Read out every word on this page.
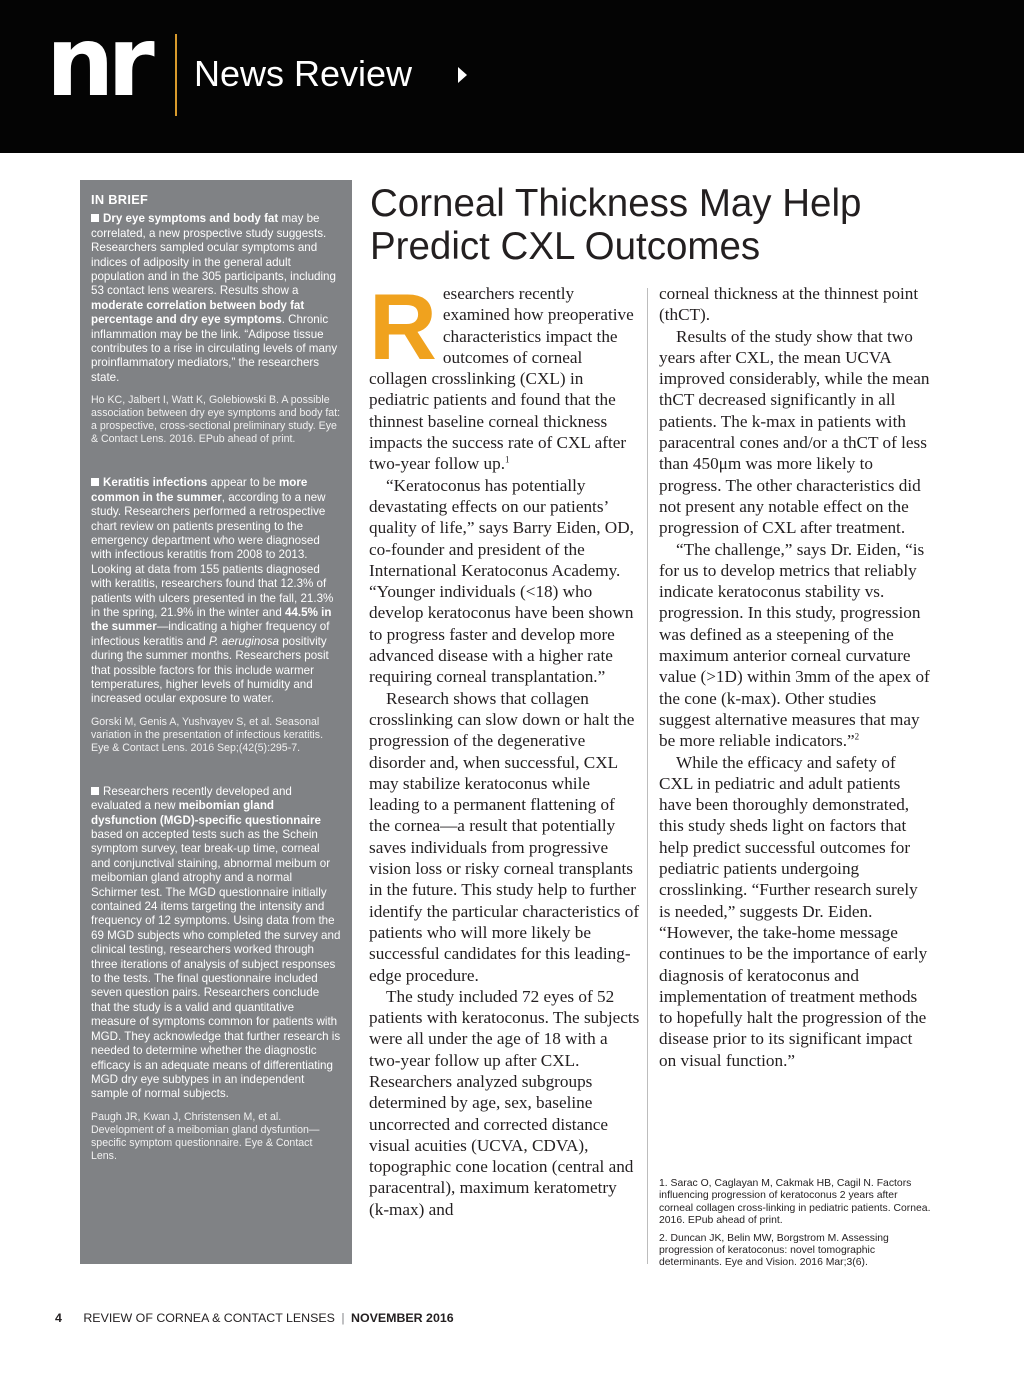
nr News Review
IN BRIEF

Dry eye symptoms and body fat may be correlated, a new prospective study suggests. Researchers sampled ocular symptoms and indices of adiposity in the general adult population and in the 305 participants, including 53 contact lens wearers. Results show a moderate correlation between body fat percentage and dry eye symptoms. Chronic inflammation may be the link. “Adipose tissue contributes to a rise in circulating levels of many proinflammatory mediators,” the researchers state.

Ho KC, Jalbert I, Watt K, Golebiowski B. A possible association between dry eye symptoms and body fat: a prospective, cross-sectional preliminary study. Eye & Contact Lens. 2016. EPub ahead of print.

Keratitis infections appear to be more common in the summer, according to a new study. Researchers performed a retrospective chart review on patients presenting to the emergency department who were diagnosed with infectious keratitis from 2008 to 2013. Looking at data from 155 patients diagnosed with keratitis, researchers found that 12.3% of patients with ulcers presented in the fall, 21.3% in the spring, 21.9% in the winter and 44.5% in the summer—indicating a higher frequency of infectious keratitis and P. aeruginosa positivity during the summer months. Researchers posit that possible factors for this include warmer temperatures, higher levels of humidity and increased ocular exposure to water.

Gorski M, Genis A, Yushvayev S, et al. Seasonal variation in the presentation of infectious keratitis. Eye & Contact Lens. 2016 Sep;(42(5):295-7.

Researchers recently developed and evaluated a new meibomian gland dysfunction (MGD)-specific questionnaire based on accepted tests such as the Schein symptom survey, tear break-up time, corneal and conjunctival staining, abnormal meibum or meibomian gland atrophy and a normal Schirmer test. The MGD questionnaire initially contained 24 items targeting the intensity and frequency of 12 symptoms. Using data from the 69 MGD subjects who completed the survey and clinical testing, researchers worked through three iterations of analysis of subject responses to the tests. The final questionnaire included seven question pairs. Researchers conclude that the study is a valid and quantitative measure of symptoms common for patients with MGD. They acknowledge that further research is needed to determine whether the diagnostic efficacy is an adequate means of differentiating MGD dry eye subtypes in an independent sample of normal subjects.

Paugh JR, Kwan J, Christensen M, et al. Development of a meibomian gland dysfuntion—specific symptom questionnaire. Eye & Contact Lens.
Corneal Thickness May Help Predict CXL Outcomes

Researchers recently examined how preoperative characteristics impact the outcomes of corneal collagen crosslinking (CXL) in pediatric patients and found that the thinnest baseline corneal thickness impacts the success rate of CXL after two-year follow up.$^1$

“Keratoconus has potentially devastating effects on our patients’ quality of life,” says Barry Eiden, OD, co-founder and president of the International Keratoconus Academy. “Younger individuals (<18) who develop keratoconus have been shown to progress faster and develop more advanced disease with a higher rate requiring corneal transplantation.”

Research shows that collagen crosslinking can slow down or halt the progression of the degenerative disorder and, when successful, CXL may stabilize keratoconus while leading to a permanent flattening of the cornea—a result that potentially saves individuals from progressive vision loss or risky corneal transplants in the future. This study help to further identify the particular characteristics of patients who will more likely be successful candidates for this leading-edge procedure.

The study included 72 eyes of 52 patients with keratoconus. The subjects were all under the age of 18 with a two-year follow up after CXL. Researchers analyzed subgroups determined by age, sex, baseline uncorrected and corrected distance visual acuities (UCVA, CDVA), topographic cone location (central and paracentral), maximum keratometry (k-max) and

corneal thickness at the thinnest point (thCT).

Results of the study show that two years after CXL, the mean UCVA improved considerably, while the mean thCT decreased significantly in all patients. The k-max in patients with paracentral cones and/or a thCT of less than 450μm was more likely to progress. The other characteristics did not present any notable effect on the progression of CXL after treatment.

“The challenge,” says Dr. Eiden, “is for us to develop metrics that reliably indicate keratoconus stability vs. progression. In this study, progression was defined as a steepening of the maximum anterior corneal curvature value (>1D) within 3mm of the apex of the cone (k-max). Other studies suggest alternative measures that may be more reliable indicators.”$^2$

While the efficacy and safety of CXL in pediatric and adult patients have been thoroughly demonstrated, this study sheds light on factors that help predict successful outcomes for pediatric patients undergoing crosslinking. “Further research surely is needed,” suggests Dr. Eiden. “However, the take-home message continues to be the importance of early diagnosis of keratoconus and implementation of treatment methods to hopefully halt the progression of the disease prior to its significant impact on visual function.”

1. Sarac O, Caglayan M, Cakmak HB, Cagil N. Factors influencing progression of keratoconus 2 years after corneal collagen cross-linking in pediatric patients. Cornea. 2016. EPub ahead of print.

2. Duncan JK, Belin MW, Borgstrom M. Assessing progression of keratoconus: novel tomographic determinants. Eye and Vision. 2016 Mar;3(6).

4 REVIEW OF CORNEA & CONTACT LENSES | NOVEMBER 2016
